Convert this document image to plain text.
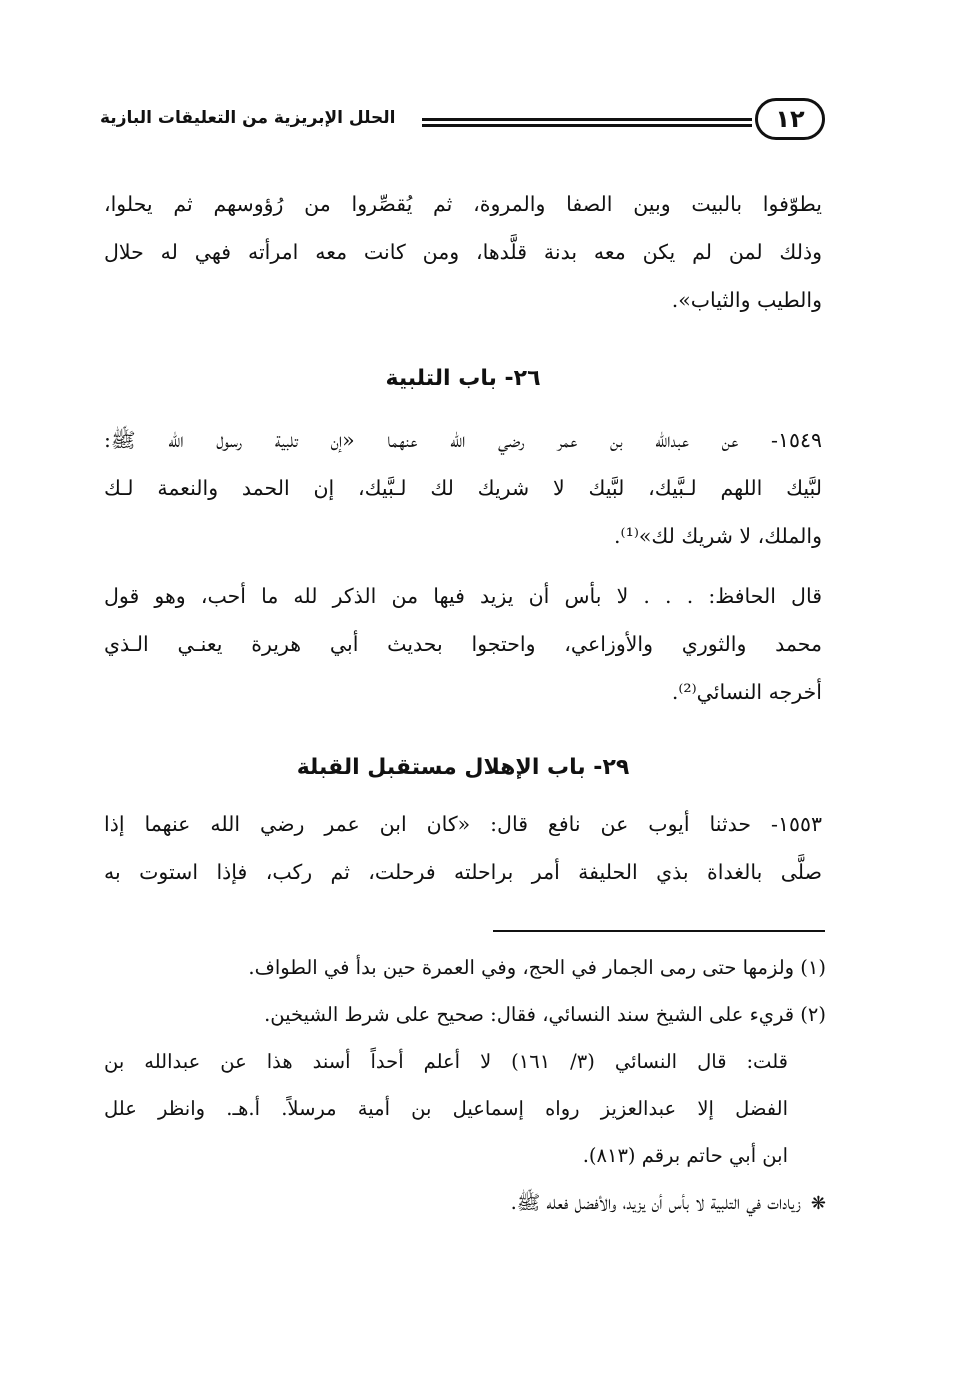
الحلل الإبريزية من التعليقات البازية	١٢
يطوّفوا بالبيت وبين الصفا والمروة، ثم يُقصِّروا من رُؤوسهم ثم يحلوا،
وذلك لمن لم يكن معه بدنة قلَّدها، ومن كانت معه امرأته فهي له حلال
والطيب والثياب».
٢٦- باب التلبية
١٥٤٩- عن عبدالله بن عمر رضي الله عنهما «إن تلبية رسول الله ﷺ:
لبَّيك اللهم لـبَّيك، لبَّيك لا شريك لك لـبَّيك، إن الحمد والنعمة لـك
والملك، لا شريك لك»⁽¹⁾.
قال الحافظ: . . . لا بأس أن يزيد فيها من الذكر لله ما أحب، وهو قول
محمد والثوري والأوزاعي، واحتجوا بحديث أبي هريرة يعنـي الـذي
أخرجه النسائي⁽²⁾.
٢٩- باب الإهلال مستقبل القبلة
١٥٥٣- حدثنا أيوب عن نافع قال: «كان ابن عمر رضي الله عنهما إذا
صلَّى بالغداة بذي الحليفة أمر براحلته فرحلت، ثم ركب، فإذا استوت به
(١) ولزمها حتى رمى الجمار في الحج، وفي العمرة حين بدأ في الطواف.
(٢) قريء على الشيخ سند النسائي، فقال: صحيح على شرط الشيخين.
قلت: قال النسائي (٣/ ١٦١) لا أعلم أحداً أسند هذا عن عبدالله بن
الفضل إلا عبدالعزيز رواه إسماعيل بن أمية مرسلاً. أ.هـ. وانظر علل
ابن أبي حاتم برقم (٨١٣).
❋زيادات في التلبية لا بأس أن يزيد، والأفضل فعله ﷺ.
